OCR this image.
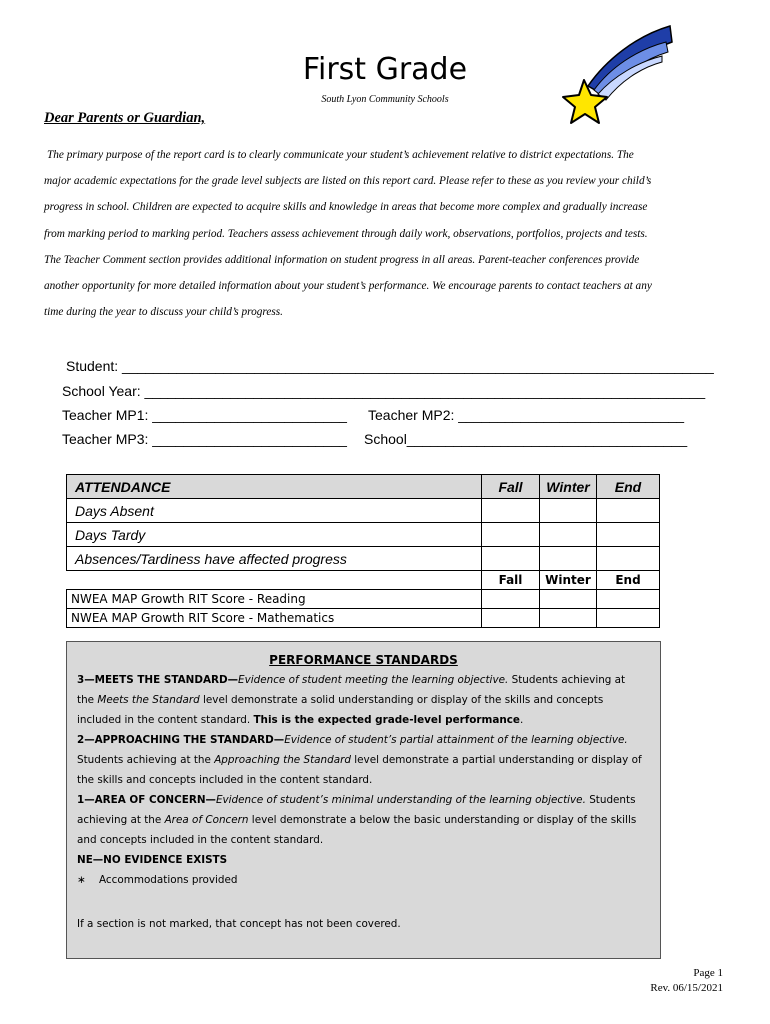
First Grade
South Lyon Community Schools
Dear Parents or Guardian,
The primary purpose of the report card is to clearly communicate your student’s achievement relative to district expectations. The
major academic expectations for the grade level subjects are listed on this report card. Please refer to these as you review your child’s
progress in school. Children are expected to acquire skills and knowledge in areas that become more complex and gradually increase
from marking period to marking period. Teachers assess achievement through daily work, observations, portfolios, projects and tests.
The Teacher Comment section provides additional information on student progress in all areas. Parent-teacher conferences provide
another opportunity for more detailed information about your student’s performance. We encourage parents to contact teachers at any
time during the year to discuss your child’s progress.
Student: ____________________________________________________________________________
School Year: ________________________________________________________________________
Teacher MP1: _________________________ Teacher MP2: _____________________________
Teacher MP3: _________________________ School____________________________________
ATTENDANCE	Fall	Winter	End
Days Absent			
Days Tardy			
Absences/Tardiness have affected progress			
	Fall	Winter	End
NWEA MAP Growth RIT Score - Reading			
NWEA MAP Growth RIT Score - Mathematics			
PERFORMANCE STANDARDS
3—MEETS THE STANDARD—Evidence of student meeting the learning objective. Students achieving at
the Meets the Standard level demonstrate a solid understanding or display of the skills and concepts
included in the content standard. This is the expected grade-level performance.
2—APPROACHING THE STANDARD—Evidence of student’s partial attainment of the learning objective.
Students achieving at the Approaching the Standard level demonstrate a partial understanding or display of
the skills and concepts included in the content standard.
1—AREA OF CONCERN—Evidence of student’s minimal understanding of the learning objective. Students
achieving at the Area of Concern level demonstrate a below the basic understanding or display of the skills
and concepts included in the content standard.
NE—NO EVIDENCE EXISTS
∗ Accommodations provided
If a section is not marked, that concept has not been covered.
Page 1
Rev. 06/15/2021
